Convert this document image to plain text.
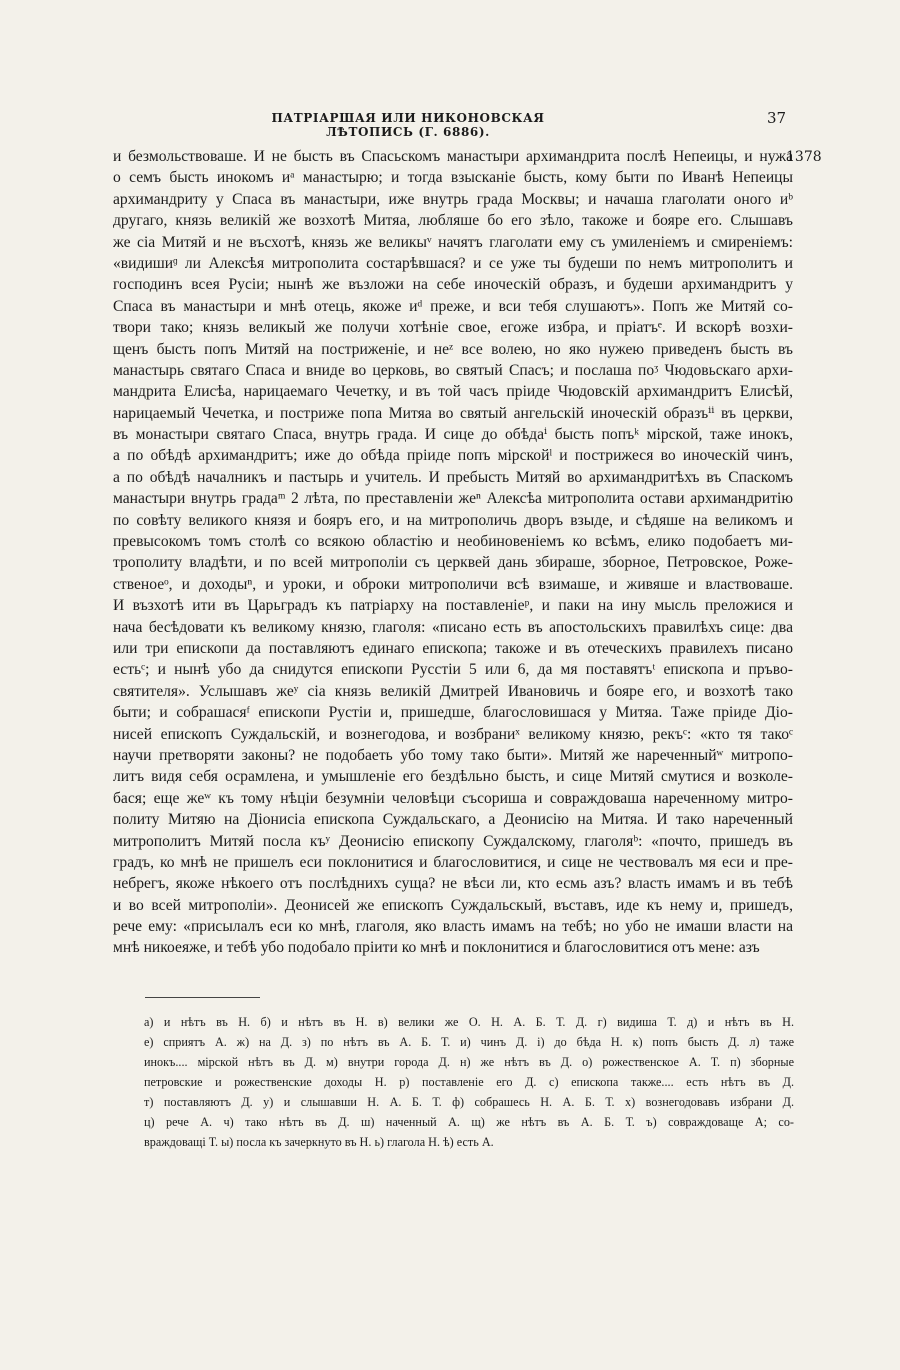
ПАТРІАРШАЯ ИЛИ НИКОНОВСКАЯ ЛѢТОПИСЬ (Г. 6886).
37
1378
и безмольствоваше. И не бысть въ Спасьскомъ манастыри архимандрита послѣ Непеицы, и нужа
о семъ бысть инокомъ иᵃ манастырю; и тогда взысканіе бысть, кому быти по Иванѣ Непеицы
архимандриту у Спаса въ манастыри, иже внутрь града Москвы; и начаша глаголати оного иᵇ
другаго, князь великій же возхотѣ Митяа, любляше бо его зѣло, такоже и бояре его. Слышавъ
же сіа Митяй и не въсхотѣ, князь же великыᵛ начятъ глаголати ему съ умиленіемъ и смиреніемъ:
«видишиᶢ ли Алексѣя митрополита состарѣвшася? и се уже ты будеши по немъ митрополитъ и
господинъ всея Русіи; нынѣ же възложи на себе иноческій образъ, и будеши архимандритъ у
Спаса въ манастыри и мнѣ отець, якоже иᵈ преже, и вси тебя слушаютъ». Попъ же Митяй со-
твори тако; князь великый же получи хотѣніе свое, егоже избра, и пріатъᵉ. И вскорѣ возхи-
щенъ бысть попъ Митяй на постриженіе, и неᶻ все волею, но яко нужею приведенъ бысть въ
манастырь святаго Спаса и вниде во церковь, во святый Спасъ; и послаша поᶾ Чюдовьскаго архи-
мандрита Елисѣа, нарицаемаго Чечетку, и въ той часъ пріиде Чюдовскій архимандритъ Елисѣй,
нарицаемый Чечетка, и постриже попа Митяа во святый ангельскій иноческій образъⁱⁱ въ церкви,
въ монастыри святаго Спаса, внутрь града. И сице до обѣдаⁱ бысть попъᵏ мірской, таже инокъ,
а по обѣдѣ архимандритъ; иже до обѣда пріиде попъ мірскойˡ и пострижеся во иноческій чинъ,
а по обѣдѣ началникъ и пастырь и учитель. И пребысть Митяй во архимандритѣхъ въ Спаскомъ
манастыри внутрь градаᵐ 2 лѣта, по преставленіи жеⁿ Алексѣа митрополита остави архимандритію
по совѣту великого князя и бояръ его, и на митрополичь дворъ взыде, и сѣдяше на великомъ и
превысокомъ томъ столѣ со всякою областію и необиновеніемъ ко всѣмъ, елико подобаетъ ми-
трополиту владѣти, и по всей митрополіи съ церквей дань збираше, зборное, Петровское, Роже-
ственоеᵒ, и доходыⁿ, и уроки, и оброки митрополичи всѣ взимаше, и живяше и властвоваше.
И възхотѣ ити въ Царьградъ къ патріарху на поставленіеᵖ, и паки на ину мысль преложися и
нача бесѣдовати къ великому князю, глаголя: «писано есть въ апостольскихъ правилѣхъ сице: два
или три епископи да поставляютъ единаго епископа; такоже и въ отеческихъ правилехъ писано
естьᶜ; и нынѣ убо да снидутся епископи Русстіи 5 или 6, да мя поставятъᵗ епископа и пръво-
святителя». Услышавъ жеʸ сіа князь великій Дмитрей Ивановичь и бояре его, и возхотѣ тако
быти; и собрашасяᶠ епископи Рустіи и, пришедше, благословишася у Митяа. Таже пріиде Діо-
нисей епископъ Суждальскій, и вознегодова, и возбраниˣ великому князю, рекъᶜ: «кто тя такоᶜ
научи претворяти законы? не подобаеть убо тому тако быти». Митяй же нареченныйʷ митропо-
литъ видя себя осрамлена, и умышленіе его бездѣльно бысть, и сице Митяй смутися и возколе-
бася; еще жеʷ къ тому нѣціи безумніи человѣци съсориша и совраждоваша нареченному митро-
политу Митяю на Діонисіа епископа Суждальскаго, а Деонисію на Митяа. И тако нареченный
митрополитъ Митяй посла къʸ Деонисію епископу Суждалскому, глаголяᵇ: «почто, пришедъ въ
градъ, ко мнѣ не пришелъ еси поклонитися и благословитися, и сице не чествовалъ мя еси и пре-
небрегъ, якоже нѣкоего отъ послѣднихъ суща? не вѣси ли, кто есмь азъ? власть имамъ и въ тебѣ
и во всей митрополіи». Деонисей же епископъ Суждальскый, въставъ, иде къ нему и, пришедъ,
рече ему: «присылалъ еси ко мнѣ, глаголя, яко власть имамъ на тебѣ; но убо не имаши власти на
мнѣ никоеяже, и тебѣ убо подобало пріити ко мнѣ и поклонитися и благословитися отъ мене: азъ
а) и нѣтъ въ Н. б) и нѣтъ въ Н. в) велики же О. Н. А. Б. Т. Д. г) видиша Т. д) и нѣтъ въ Н.
е) сприятъ А. ж) на Д. з) по нѣтъ въ А. Б. Т. и) чинъ Д. і) до бѣда Н. к) попъ бысть Д. л) таже
инокъ.... мірской нѣтъ въ Д. м) внутри города Д. н) же нѣтъ въ Д. о) рожественское А. Т. п) зборные
петровские и рожественские доходы Н. р) поставленіе его Д. с) епископа также.... есть нѣтъ въ Д.
т) поставляютъ Д. у) и слышавши Н. А. Б. Т. ф) собрашесь Н. А. Б. Т. х) вознегодовавъ избрани Д.
ц) рече А. ч) тако нѣтъ въ Д. ш) наченный А. щ) же нѣтъ въ А. Б. Т. ъ) совраждоваще А; со-
враждоващі Т. ы) посла къ зачеркнуто въ Н. ь) глагола Н. ѣ) есть А.
